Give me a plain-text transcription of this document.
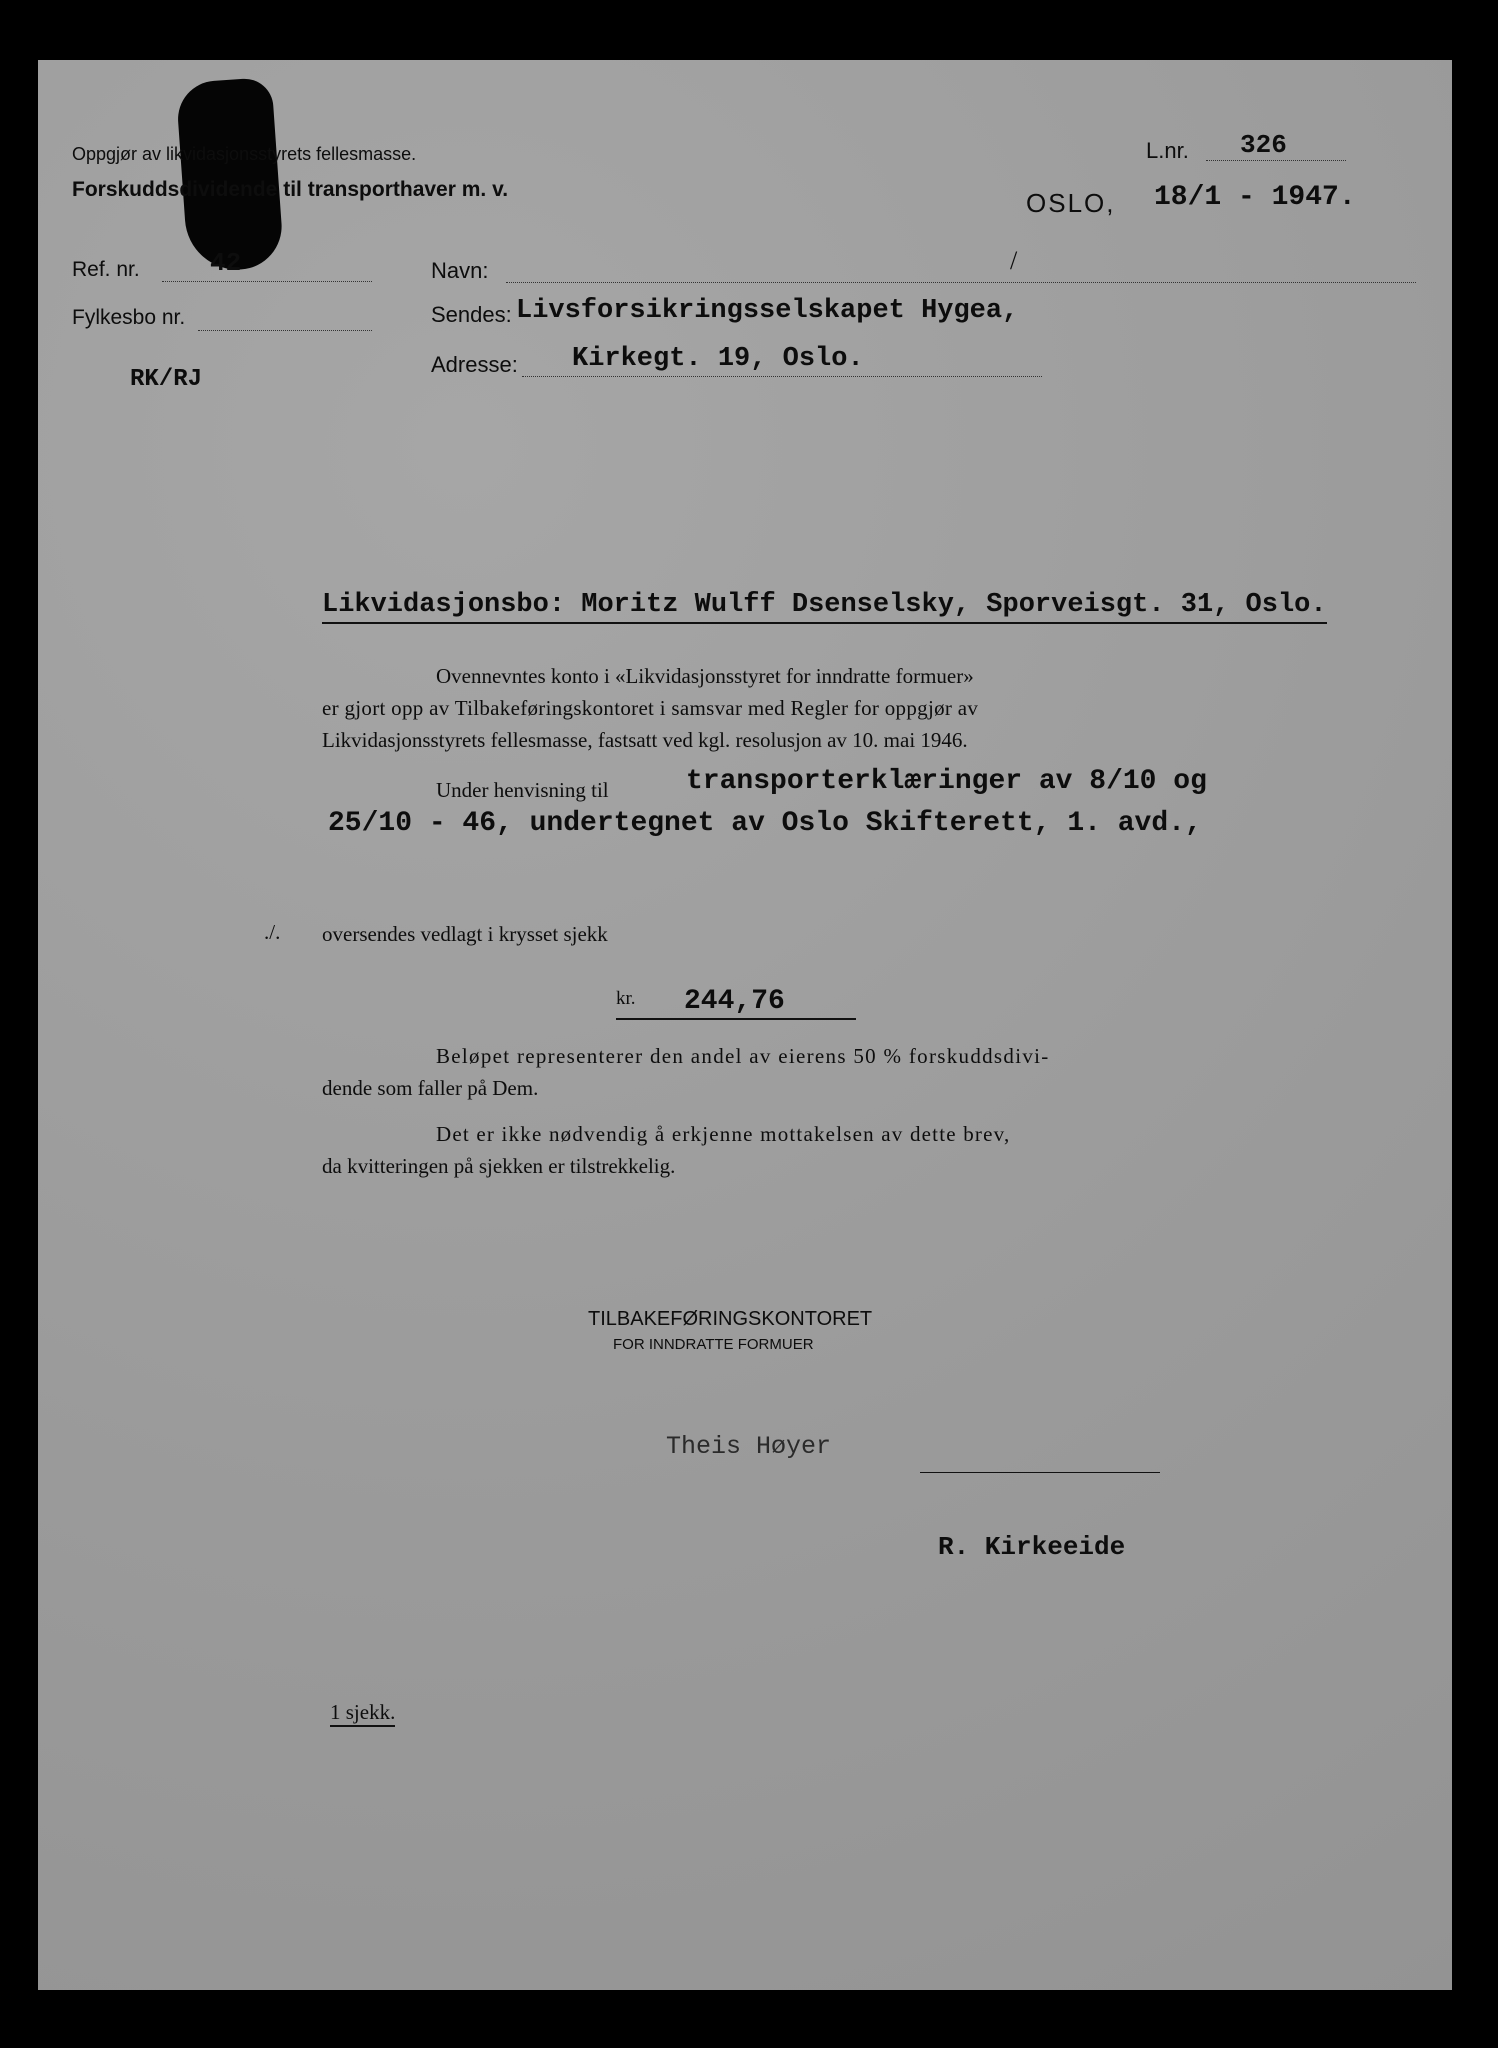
Oppgjør av likvidasjonsstyrets fellesmasse.
Forskuddsdividende til transporthaver m. v.
L.nr. 326
OSLO, 18/1 - 1947.
Ref. nr.	42
Fylkesbo nr.
RK/RJ
Navn:	/
Sendes: Livsforsikringsselskapet Hygea,
Adresse: Kirkegt. 19, Oslo.
Likvidasjonsbo: Moritz Wulff Dsenselsky, Sporveisgt. 31, Oslo.
Ovennevntes konto i «Likvidasjonsstyret for inndratte formuer»
er gjort opp av Tilbakeføringskontoret i samsvar med Regler for oppgjør av
Likvidasjonsstyrets fellesmasse, fastsatt ved kgl. resolusjon av 10. mai 1946.
Under henvisning til	transporterklæringer av 8/10 og
25/10 - 46, undertegnet av Oslo Skifterett, 1. avd.,
./. oversendes vedlagt i krysset sjekk
kr. 244,76
Beløpet representerer den andel av eierens 50 % forskuddsdivi-
dende som faller på Dem.
Det er ikke nødvendig å erkjenne mottakelsen av dette brev,
da kvitteringen på sjekken er tilstrekkelig.
TILBAKEFØRINGSKONTORET
FOR INNDRATTE FORMUER
Theis Høyer
R. Kirkeeide
1 sjekk.
